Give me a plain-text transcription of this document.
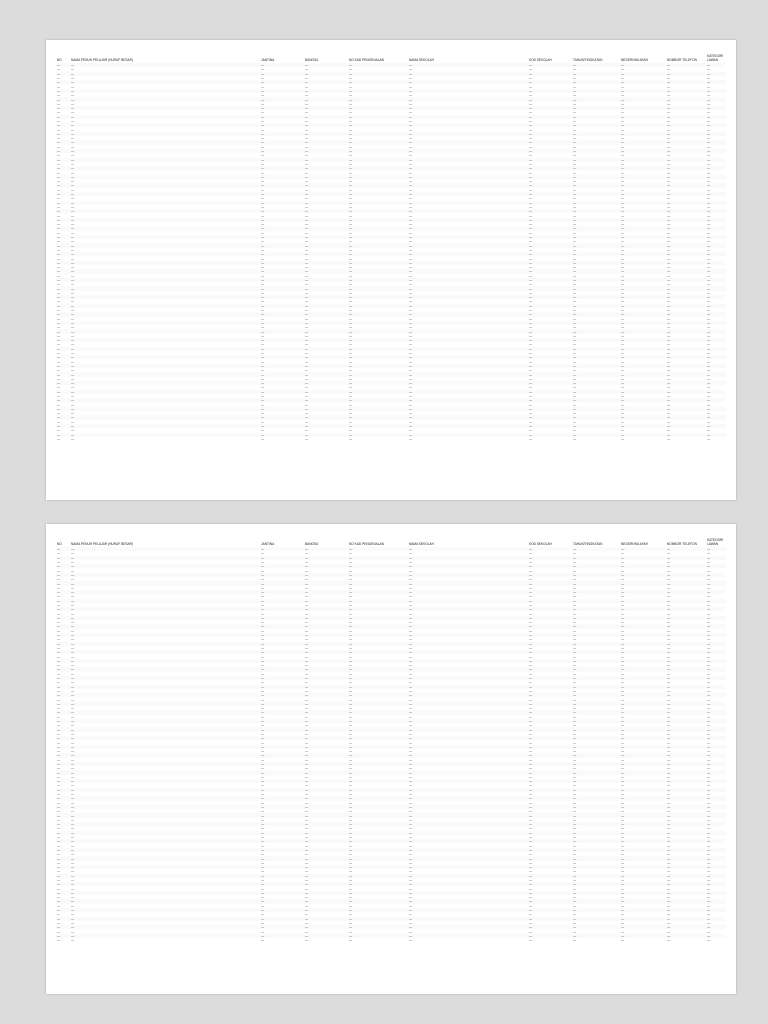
NO	NAMA PENUH PELAJAR (HURUF BESAR)	JANTINA	BANGSA	NO KAD PENGENALAN	NAMA SEKOLAH	KOD SEKOLAH	TAHUN/TINGKATAN	NEGERI/WILAYAH	NOMBOR TELEFON	KATEGORI LAWAN
—	—	—	—	—	—	—	—	—	—	—
—	—	—	—	—	—	—	—	—	—	—
—	—	—	—	—	—	—	—	—	—	—
—	—	—	—	—	—	—	—	—	—	—
—	—	—	—	—	—	—	—	—	—	—
—	—	—	—	—	—	—	—	—	—	—
—	—	—	—	—	—	—	—	—	—	—
—	—	—	—	—	—	—	—	—	—	—
—	—	—	—	—	—	—	—	—	—	—
—	—	—	—	—	—	—	—	—	—	—
—	—	—	—	—	—	—	—	—	—	—
—	—	—	—	—	—	—	—	—	—	—
—	—	—	—	—	—	—	—	—	—	—
—	—	—	—	—	—	—	—	—	—	—
—	—	—	—	—	—	—	—	—	—	—
—	—	—	—	—	—	—	—	—	—	—
—	—	—	—	—	—	—	—	—	—	—
—	—	—	—	—	—	—	—	—	—	—
—	—	—	—	—	—	—	—	—	—	—
—	—	—	—	—	—	—	—	—	—	—
—	—	—	—	—	—	—	—	—	—	—
—	—	—	—	—	—	—	—	—	—	—
—	—	—	—	—	—	—	—	—	—	—
—	—	—	—	—	—	—	—	—	—	—
—	—	—	—	—	—	—	—	—	—	—
—	—	—	—	—	—	—	—	—	—	—
—	—	—	—	—	—	—	—	—	—	—
—	—	—	—	—	—	—	—	—	—	—
—	—	—	—	—	—	—	—	—	—	—
—	—	—	—	—	—	—	—	—	—	—
—	—	—	—	—	—	—	—	—	—	—
—	—	—	—	—	—	—	—	—	—	—
—	—	—	—	—	—	—	—	—	—	—
—	—	—	—	—	—	—	—	—	—	—
—	—	—	—	—	—	—	—	—	—	—
—	—	—	—	—	—	—	—	—	—	—
—	—	—	—	—	—	—	—	—	—	—
—	—	—	—	—	—	—	—	—	—	—
—	—	—	—	—	—	—	—	—	—	—
—	—	—	—	—	—	—	—	—	—	—
—	—	—	—	—	—	—	—	—	—	—
—	—	—	—	—	—	—	—	—	—	—
—	—	—	—	—	—	—	—	—	—	—
—	—	—	—	—	—	—	—	—	—	—
—	—	—	—	—	—	—	—	—	—	—
—	—	—	—	—	—	—	—	—	—	—
—	—	—	—	—	—	—	—	—	—	—
—	—	—	—	—	—	—	—	—	—	—
—	—	—	—	—	—	—	—	—	—	—
—	—	—	—	—	—	—	—	—	—	—
—	—	—	—	—	—	—	—	—	—	—
—	—	—	—	—	—	—	—	—	—	—
—	—	—	—	—	—	—	—	—	—	—
—	—	—	—	—	—	—	—	—	—	—
—	—	—	—	—	—	—	—	—	—	—
—	—	—	—	—	—	—	—	—	—	—
—	—	—	—	—	—	—	—	—	—	—
—	—	—	—	—	—	—	—	—	—	—
—	—	—	—	—	—	—	—	—	—	—
—	—	—	—	—	—	—	—	—	—	—
—	—	—	—	—	—	—	—	—	—	—
—	—	—	—	—	—	—	—	—	—	—
—	—	—	—	—	—	—	—	—	—	—
—	—	—	—	—	—	—	—	—	—	—
—	—	—	—	—	—	—	—	—	—	—
—	—	—	—	—	—	—	—	—	—	—
—	—	—	—	—	—	—	—	—	—	—
—	—	—	—	—	—	—	—	—	—	—
—	—	—	—	—	—	—	—	—	—	—
—	—	—	—	—	—	—	—	—	—	—
—	—	—	—	—	—	—	—	—	—	—
—	—	—	—	—	—	—	—	—	—	—
—	—	—	—	—	—	—	—	—	—	—
—	—	—	—	—	—	—	—	—	—	—
—	—	—	—	—	—	—	—	—	—	—
—	—	—	—	—	—	—	—	—	—	—
—	—	—	—	—	—	—	—	—	—	—
—	—	—	—	—	—	—	—	—	—	—
—	—	—	—	—	—	—	—	—	—	—
—	—	—	—	—	—	—	—	—	—	—
—	—	—	—	—	—	—	—	—	—	—
—	—	—	—	—	—	—	—	—	—	—
—	—	—	—	—	—	—	—	—	—	—
—	—	—	—	—	—	—	—	—	—	—
—	—	—	—	—	—	—	—	—	—	—
—	—	—	—	—	—	—	—	—	—	—
—	—	—	—	—	—	—	—	—	—	—
—	—	—	—	—	—	—	—	—	—	—
NO	NAMA PENUH PELAJAR (HURUF BESAR)	JANTINA	BANGSA	NO KAD PENGENALAN	NAMA SEKOLAH	KOD SEKOLAH	TAHUN/TINGKATAN	NEGERI/WILAYAH	NOMBOR TELEFON	KATEGORI LAWAN
—	—	—	—	—	—	—	—	—	—	—
—	—	—	—	—	—	—	—	—	—	—
—	—	—	—	—	—	—	—	—	—	—
—	—	—	—	—	—	—	—	—	—	—
—	—	—	—	—	—	—	—	—	—	—
—	—	—	—	—	—	—	—	—	—	—
—	—	—	—	—	—	—	—	—	—	—
—	—	—	—	—	—	—	—	—	—	—
—	—	—	—	—	—	—	—	—	—	—
—	—	—	—	—	—	—	—	—	—	—
—	—	—	—	—	—	—	—	—	—	—
—	—	—	—	—	—	—	—	—	—	—
—	—	—	—	—	—	—	—	—	—	—
—	—	—	—	—	—	—	—	—	—	—
—	—	—	—	—	—	—	—	—	—	—
—	—	—	—	—	—	—	—	—	—	—
—	—	—	—	—	—	—	—	—	—	—
—	—	—	—	—	—	—	—	—	—	—
—	—	—	—	—	—	—	—	—	—	—
—	—	—	—	—	—	—	—	—	—	—
—	—	—	—	—	—	—	—	—	—	—
—	—	—	—	—	—	—	—	—	—	—
—	—	—	—	—	—	—	—	—	—	—
—	—	—	—	—	—	—	—	—	—	—
—	—	—	—	—	—	—	—	—	—	—
—	—	—	—	—	—	—	—	—	—	—
—	—	—	—	—	—	—	—	—	—	—
—	—	—	—	—	—	—	—	—	—	—
—	—	—	—	—	—	—	—	—	—	—
—	—	—	—	—	—	—	—	—	—	—
—	—	—	—	—	—	—	—	—	—	—
—	—	—	—	—	—	—	—	—	—	—
—	—	—	—	—	—	—	—	—	—	—
—	—	—	—	—	—	—	—	—	—	—
—	—	—	—	—	—	—	—	—	—	—
—	—	—	—	—	—	—	—	—	—	—
—	—	—	—	—	—	—	—	—	—	—
—	—	—	—	—	—	—	—	—	—	—
—	—	—	—	—	—	—	—	—	—	—
—	—	—	—	—	—	—	—	—	—	—
—	—	—	—	—	—	—	—	—	—	—
—	—	—	—	—	—	—	—	—	—	—
—	—	—	—	—	—	—	—	—	—	—
—	—	—	—	—	—	—	—	—	—	—
—	—	—	—	—	—	—	—	—	—	—
—	—	—	—	—	—	—	—	—	—	—
—	—	—	—	—	—	—	—	—	—	—
—	—	—	—	—	—	—	—	—	—	—
—	—	—	—	—	—	—	—	—	—	—
—	—	—	—	—	—	—	—	—	—	—
—	—	—	—	—	—	—	—	—	—	—
—	—	—	—	—	—	—	—	—	—	—
—	—	—	—	—	—	—	—	—	—	—
—	—	—	—	—	—	—	—	—	—	—
—	—	—	—	—	—	—	—	—	—	—
—	—	—	—	—	—	—	—	—	—	—
—	—	—	—	—	—	—	—	—	—	—
—	—	—	—	—	—	—	—	—	—	—
—	—	—	—	—	—	—	—	—	—	—
—	—	—	—	—	—	—	—	—	—	—
—	—	—	—	—	—	—	—	—	—	—
—	—	—	—	—	—	—	—	—	—	—
—	—	—	—	—	—	—	—	—	—	—
—	—	—	—	—	—	—	—	—	—	—
—	—	—	—	—	—	—	—	—	—	—
—	—	—	—	—	—	—	—	—	—	—
—	—	—	—	—	—	—	—	—	—	—
—	—	—	—	—	—	—	—	—	—	—
—	—	—	—	—	—	—	—	—	—	—
—	—	—	—	—	—	—	—	—	—	—
—	—	—	—	—	—	—	—	—	—	—
—	—	—	—	—	—	—	—	—	—	—
—	—	—	—	—	—	—	—	—	—	—
—	—	—	—	—	—	—	—	—	—	—
—	—	—	—	—	—	—	—	—	—	—
—	—	—	—	—	—	—	—	—	—	—
—	—	—	—	—	—	—	—	—	—	—
—	—	—	—	—	—	—	—	—	—	—
—	—	—	—	—	—	—	—	—	—	—
—	—	—	—	—	—	—	—	—	—	—
—	—	—	—	—	—	—	—	—	—	—
—	—	—	—	—	—	—	—	—	—	—
—	—	—	—	—	—	—	—	—	—	—
—	—	—	—	—	—	—	—	—	—	—
—	—	—	—	—	—	—	—	—	—	—
—	—	—	—	—	—	—	—	—	—	—
—	—	—	—	—	—	—	—	—	—	—
—	—	—	—	—	—	—	—	—	—	—
—	—	—	—	—	—	—	—	—	—	—
—	—	—	—	—	—	—	—	—	—	—
—	—	—	—	—	—	—	—	—	—	—
—	—	—	—	—	—	—	—	—	—	—
